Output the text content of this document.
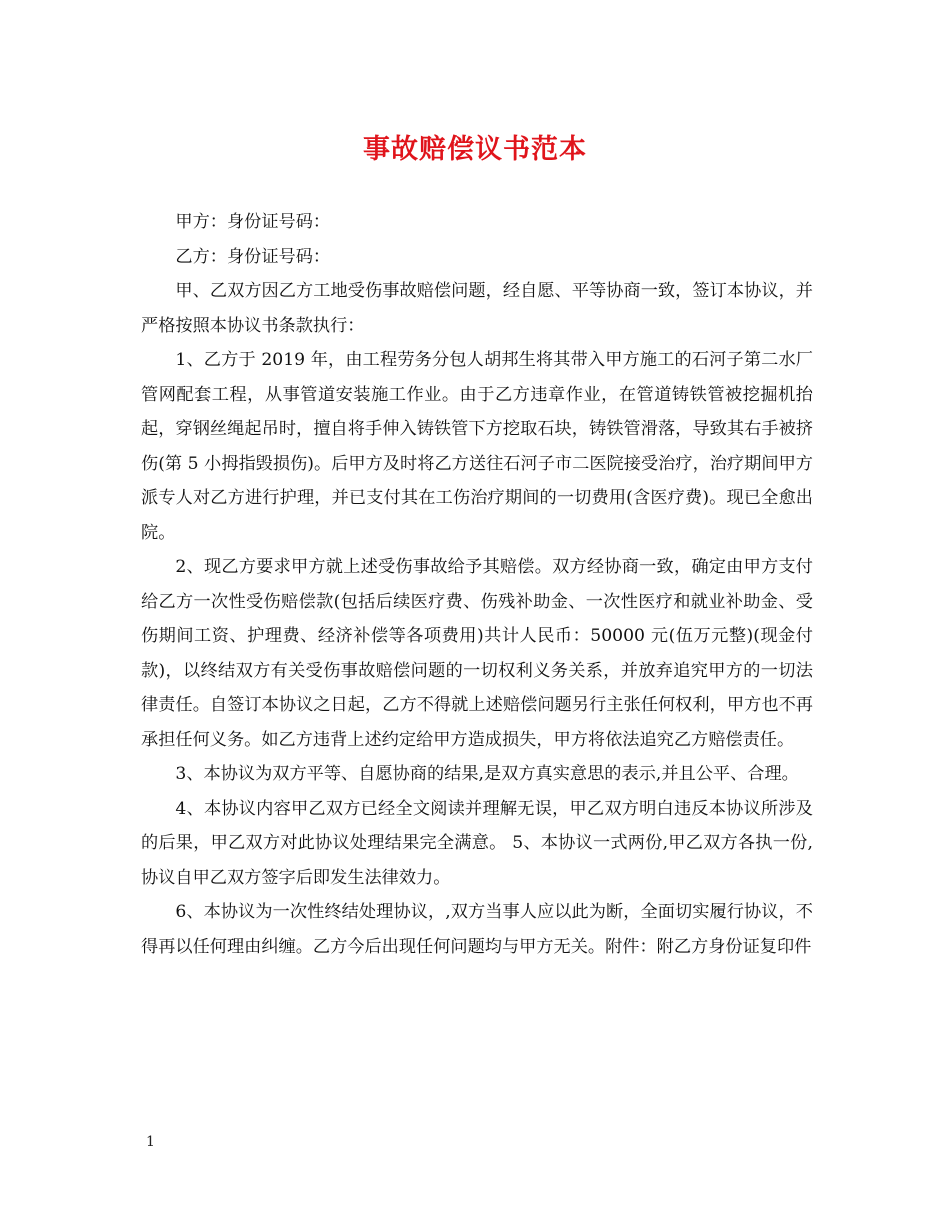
事故赔偿议书范本

甲方：身份证号码：

乙方：身份证号码：

甲、乙双方因乙方工地受伤事故赔偿问题，经自愿、平等协商一致，签订本协议，并严格按照本协议书条款执行：

1、乙方于 2019 年，由工程劳务分包人胡邦生将其带入甲方施工的石河子第二水厂管网配套工程，从事管道安装施工作业。由于乙方违章作业，在管道铸铁管被挖掘机抬起，穿钢丝绳起吊时，擅自将手伸入铸铁管下方挖取石块，铸铁管滑落，导致其右手被挤伤(第 5 小拇指毁损伤)。后甲方及时将乙方送往石河子市二医院接受治疗，治疗期间甲方派专人对乙方进行护理，并已支付其在工伤治疗期间的一切费用(含医疗费)。现已全愈出院。

2、现乙方要求甲方就上述受伤事故给予其赔偿。双方经协商一致，确定由甲方支付给乙方一次性受伤赔偿款(包括后续医疗费、伤残补助金、一次性医疗和就业补助金、受伤期间工资、护理费、经济补偿等各项费用)共计人民币：50000 元(伍万元整)(现金付款)，以终结双方有关受伤事故赔偿问题的一切权利义务关系，并放弃追究甲方的一切法律责任。自签订本协议之日起，乙方不得就上述赔偿问题另行主张任何权利，甲方也不再承担任何义务。如乙方违背上述约定给甲方造成损失，甲方将依法追究乙方赔偿责任。

3、本协议为双方平等、自愿协商的结果,是双方真实意思的表示,并且公平、合理。

4、本协议内容甲乙双方已经全文阅读并理解无误，甲乙双方明白违反本协议所涉及的后果，甲乙双方对此协议处理结果完全满意。 5、本协议一式两份,甲乙双方各执一份,协议自甲乙双方签字后即发生法律效力。

6、本协议为一次性终结处理协议，,双方当事人应以此为断，全面切实履行协议，不得再以任何理由纠缠。乙方今后出现任何问题均与甲方无关。附件：附乙方身份证复印件

1
